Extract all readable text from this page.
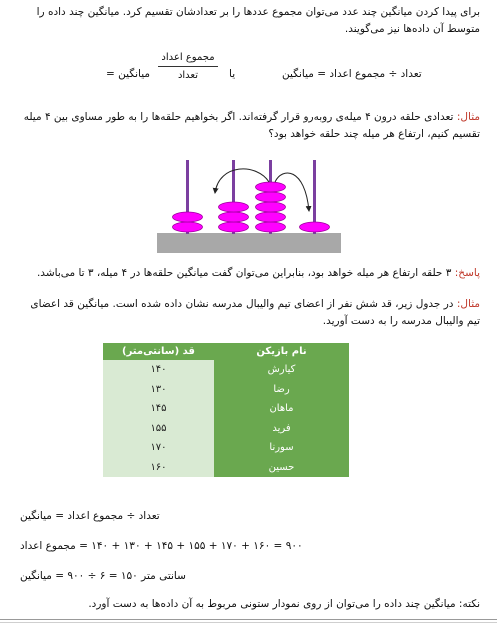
برای پیدا کردن میانگین چند عدد می‌توان مجموع عددها را بر تعدادشان تقسیم کرد. میانگین چند داده را متوسط آن داده‌ها نیز می‌گویند.
تعداد ÷ مجموع اعداد = میانگین
یا
مجموع اعداد
تعداد
میانگین =
مثال: تعدادی حلقه درون ۴ میله‌ی روبه‌رو قرار گرفته‌اند. اگر بخواهیم حلقه‌ها را به طور مساوی بین ۴ میله تقسیم کنیم، ارتفاع هر میله چند حلقه خواهد بود؟
پاسخ: ۳ حلقه ارتفاع هر میله خواهد بود، بنابراین می‌توان گفت میانگین حلقه‌ها در ۴ میله، ۳ تا می‌باشد.
مثال: در جدول زیر، قد شش نفر از اعضای تیم والیبال مدرسه نشان داده شده است. میانگین قد اعضای تیم والیبال مدرسه را به دست آورید.
نام بازیکن	قد (سانتی‌متر)
کیارش	۱۴۰
رضا	۱۳۰
ماهان	۱۴۵
فرید	۱۵۵
سورنا	۱۷۰
حسین	۱۶۰
تعداد ÷ مجموع اعداد = میانگین
۹۰۰ = ۱۶۰ + ۱۷۰ + ۱۵۵ + ۱۴۵ + ۱۳۰ + ۱۴۰ = مجموع اعداد
سانتی متر ۱۵۰ = ۶ ÷ ۹۰۰ = میانگین
نکته: میانگین چند داده را می‌توان از روی نمودار ستونی مربوط به آن داده‌ها به دست آورد.
